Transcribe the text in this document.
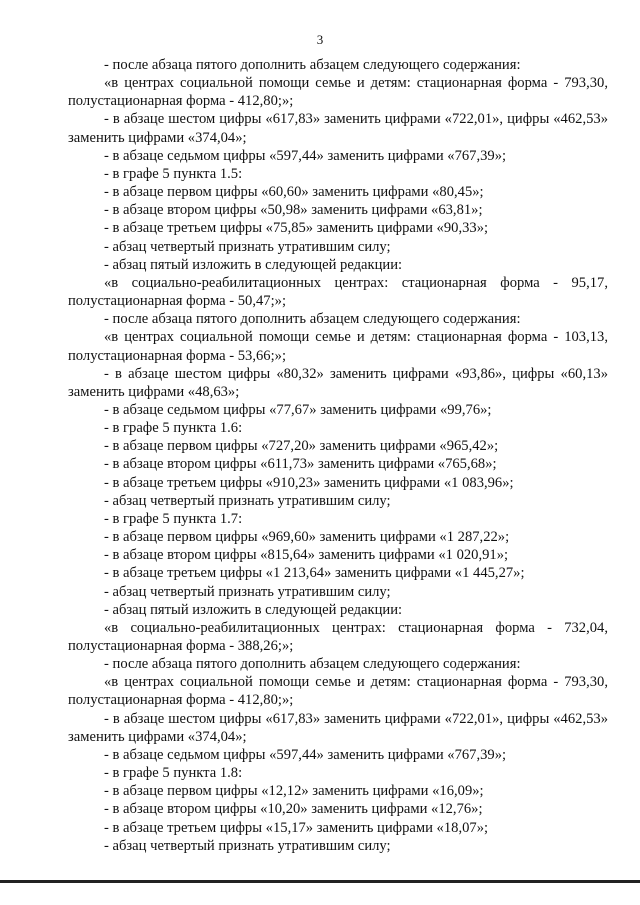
3

- после абзаца пятого дополнить абзацем следующего содержания:

«в центрах социальной помощи семье и детям: стационарная форма - 793,30, полустационарная форма - 412,80;»;

- в абзаце шестом цифры «617,83» заменить цифрами «722,01», цифры «462,53» заменить цифрами «374,04»;

- в абзаце седьмом цифры «597,44» заменить цифрами «767,39»;

- в графе 5 пункта 1.5:

- в абзаце первом цифры «60,60» заменить цифрами «80,45»;

- в абзаце втором цифры «50,98» заменить цифрами «63,81»;

- в абзаце третьем цифры «75,85» заменить цифрами «90,33»;

- абзац четвертый признать утратившим силу;

- абзац пятый изложить в следующей редакции:

«в социально-реабилитационных центрах: стационарная форма - 95,17, полустационарная форма - 50,47;»;

- после абзаца пятого дополнить абзацем следующего содержания:

«в центрах социальной помощи семье и детям: стационарная форма - 103,13, полустационарная форма - 53,66;»;

- в абзаце шестом цифры «80,32» заменить цифрами «93,86», цифры «60,13» заменить цифрами «48,63»;

- в абзаце седьмом цифры «77,67» заменить цифрами «99,76»;

- в графе 5 пункта 1.6:

- в абзаце первом цифры «727,20» заменить цифрами «965,42»;

- в абзаце втором цифры «611,73» заменить цифрами «765,68»;

- в абзаце третьем цифры «910,23» заменить цифрами «1 083,96»;

- абзац четвертый признать утратившим силу;

- в графе 5 пункта 1.7:

- в абзаце первом цифры «969,60» заменить цифрами «1 287,22»;

- в абзаце втором цифры «815,64» заменить цифрами «1 020,91»;

- в абзаце третьем цифры «1 213,64» заменить цифрами «1 445,27»;

- абзац четвертый признать утратившим силу;

- абзац пятый изложить в следующей редакции:

«в социально-реабилитационных центрах: стационарная форма - 732,04, полустационарная форма - 388,26;»;

- после абзаца пятого дополнить абзацем следующего содержания:

«в центрах социальной помощи семье и детям: стационарная форма - 793,30, полустационарная форма - 412,80;»;

- в абзаце шестом цифры «617,83» заменить цифрами «722,01», цифры «462,53» заменить цифрами «374,04»;

- в абзаце седьмом цифры «597,44» заменить цифрами «767,39»;

- в графе 5 пункта 1.8:

- в абзаце первом цифры «12,12» заменить цифрами «16,09»;

- в абзаце втором цифры «10,20» заменить цифрами «12,76»;

- в абзаце третьем цифры «15,17» заменить цифрами «18,07»;

- абзац четвертый признать утратившим силу;
